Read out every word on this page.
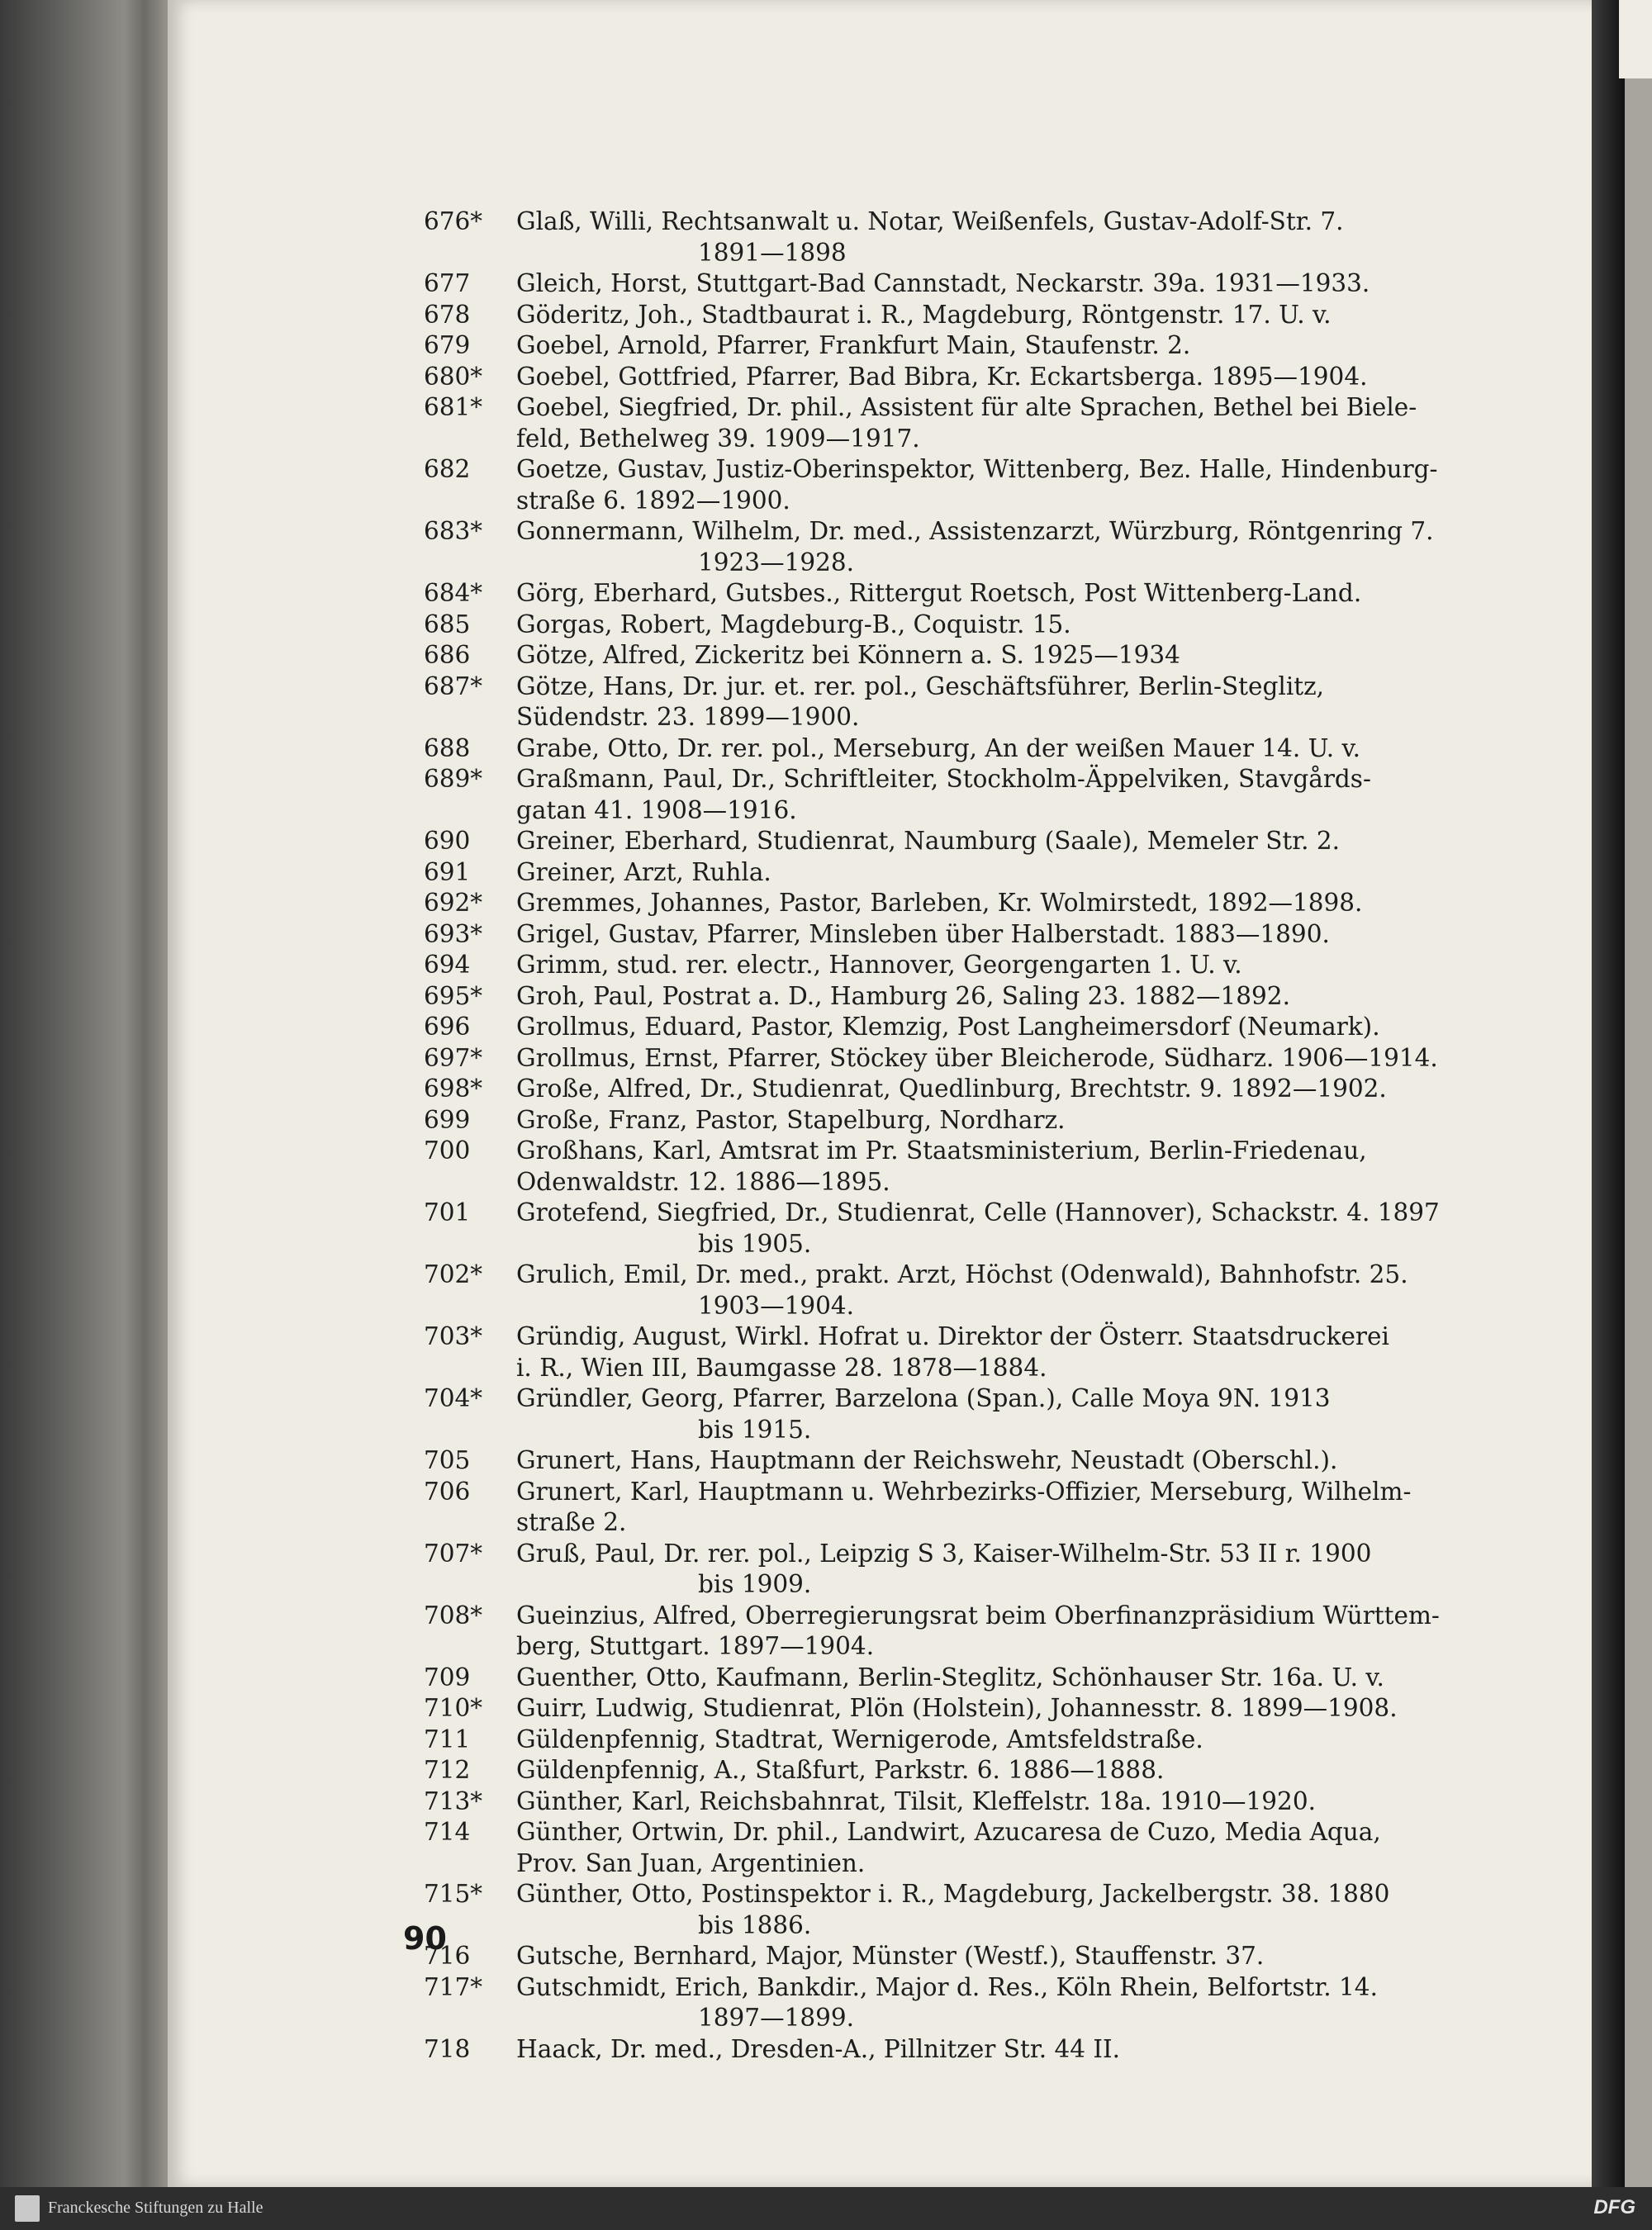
676*	Glaß, Willi, Rechtsanwalt u. Notar, Weißenfels, Gustav-Adolf-Str. 7.
1891—1898
677	Gleich, Horst, Stuttgart-Bad Cannstadt, Neckarstr. 39a. 1931—1933.
678	Göderitz, Joh., Stadtbaurat i. R., Magdeburg, Röntgenstr. 17. U. v.
679	Goebel, Arnold, Pfarrer, Frankfurt Main, Staufenstr. 2.
680*	Goebel, Gottfried, Pfarrer, Bad Bibra, Kr. Eckartsberga. 1895—1904.
681*	Goebel, Siegfried, Dr. phil., Assistent für alte Sprachen, Bethel bei Biele-
feld, Bethelweg 39. 1909—1917.
682	Goetze, Gustav, Justiz-Oberinspektor, Wittenberg, Bez. Halle, Hindenburg-
straße 6. 1892—1900.
683*	Gonnermann, Wilhelm, Dr. med., Assistenzarzt, Würzburg, Röntgenring 7.
1923—1928.
684*	Görg, Eberhard, Gutsbes., Rittergut Roetsch, Post Wittenberg-Land.
685	Gorgas, Robert, Magdeburg-B., Coquistr. 15.
686	Götze, Alfred, Zickeritz bei Könnern a. S. 1925—1934
687*	Götze, Hans, Dr. jur. et. rer. pol., Geschäftsführer, Berlin-Steglitz,
Südendstr. 23. 1899—1900.
688	Grabe, Otto, Dr. rer. pol., Merseburg, An der weißen Mauer 14. U. v.
689*	Graßmann, Paul, Dr., Schriftleiter, Stockholm-Äppelviken, Stavgårds-
gatan 41. 1908—1916.
690	Greiner, Eberhard, Studienrat, Naumburg (Saale), Memeler Str. 2.
691	Greiner, Arzt, Ruhla.
692*	Gremmes, Johannes, Pastor, Barleben, Kr. Wolmirstedt, 1892—1898.
693*	Grigel, Gustav, Pfarrer, Minsleben über Halberstadt. 1883—1890.
694	Grimm, stud. rer. electr., Hannover, Georgengarten 1. U. v.
695*	Groh, Paul, Postrat a. D., Hamburg 26, Saling 23. 1882—1892.
696	Grollmus, Eduard, Pastor, Klemzig, Post Langheimersdorf (Neumark).
697*	Grollmus, Ernst, Pfarrer, Stöckey über Bleicherode, Südharz. 1906—1914.
698*	Große, Alfred, Dr., Studienrat, Quedlinburg, Brechtstr. 9. 1892—1902.
699	Große, Franz, Pastor, Stapelburg, Nordharz.
700	Großhans, Karl, Amtsrat im Pr. Staatsministerium, Berlin-Friedenau,
Odenwaldstr. 12. 1886—1895.
701	Grotefend, Siegfried, Dr., Studienrat, Celle (Hannover), Schackstr. 4. 1897
bis 1905.
702*	Grulich, Emil, Dr. med., prakt. Arzt, Höchst (Odenwald), Bahnhofstr. 25.
1903—1904.
703*	Gründig, August, Wirkl. Hofrat u. Direktor der Österr. Staatsdruckerei
i. R., Wien III, Baumgasse 28. 1878—1884.
704*	Gründler, Georg, Pfarrer, Barzelona (Span.), Calle Moya 9N. 1913
bis 1915.
705	Grunert, Hans, Hauptmann der Reichswehr, Neustadt (Oberschl.).
706	Grunert, Karl, Hauptmann u. Wehrbezirks-Offizier, Merseburg, Wilhelm-
straße 2.
707*	Gruß, Paul, Dr. rer. pol., Leipzig S 3, Kaiser-Wilhelm-Str. 53 II r. 1900
bis 1909.
708*	Gueinzius, Alfred, Oberregierungsrat beim Oberfinanzpräsidium Württem-
berg, Stuttgart. 1897—1904.
709	Guenther, Otto, Kaufmann, Berlin-Steglitz, Schönhauser Str. 16a. U. v.
710*	Guirr, Ludwig, Studienrat, Plön (Holstein), Johannesstr. 8. 1899—1908.
711	Güldenpfennig, Stadtrat, Wernigerode, Amtsfeldstraße.
712	Güldenpfennig, A., Staßfurt, Parkstr. 6. 1886—1888.
713*	Günther, Karl, Reichsbahnrat, Tilsit, Kleffelstr. 18a. 1910—1920.
714	Günther, Ortwin, Dr. phil., Landwirt, Azucaresa de Cuzo, Media Aqua,
Prov. San Juan, Argentinien.
715*	Günther, Otto, Postinspektor i. R., Magdeburg, Jackelbergstr. 38. 1880
bis 1886.
716	Gutsche, Bernhard, Major, Münster (Westf.), Stauffenstr. 37.
717*	Gutschmidt, Erich, Bankdir., Major d. Res., Köln Rhein, Belfortstr. 14.
1897—1899.
718	Haack, Dr. med., Dresden-A., Pillnitzer Str. 44 II.
90
Franckesche Stiftungen zu Halle	DFG
